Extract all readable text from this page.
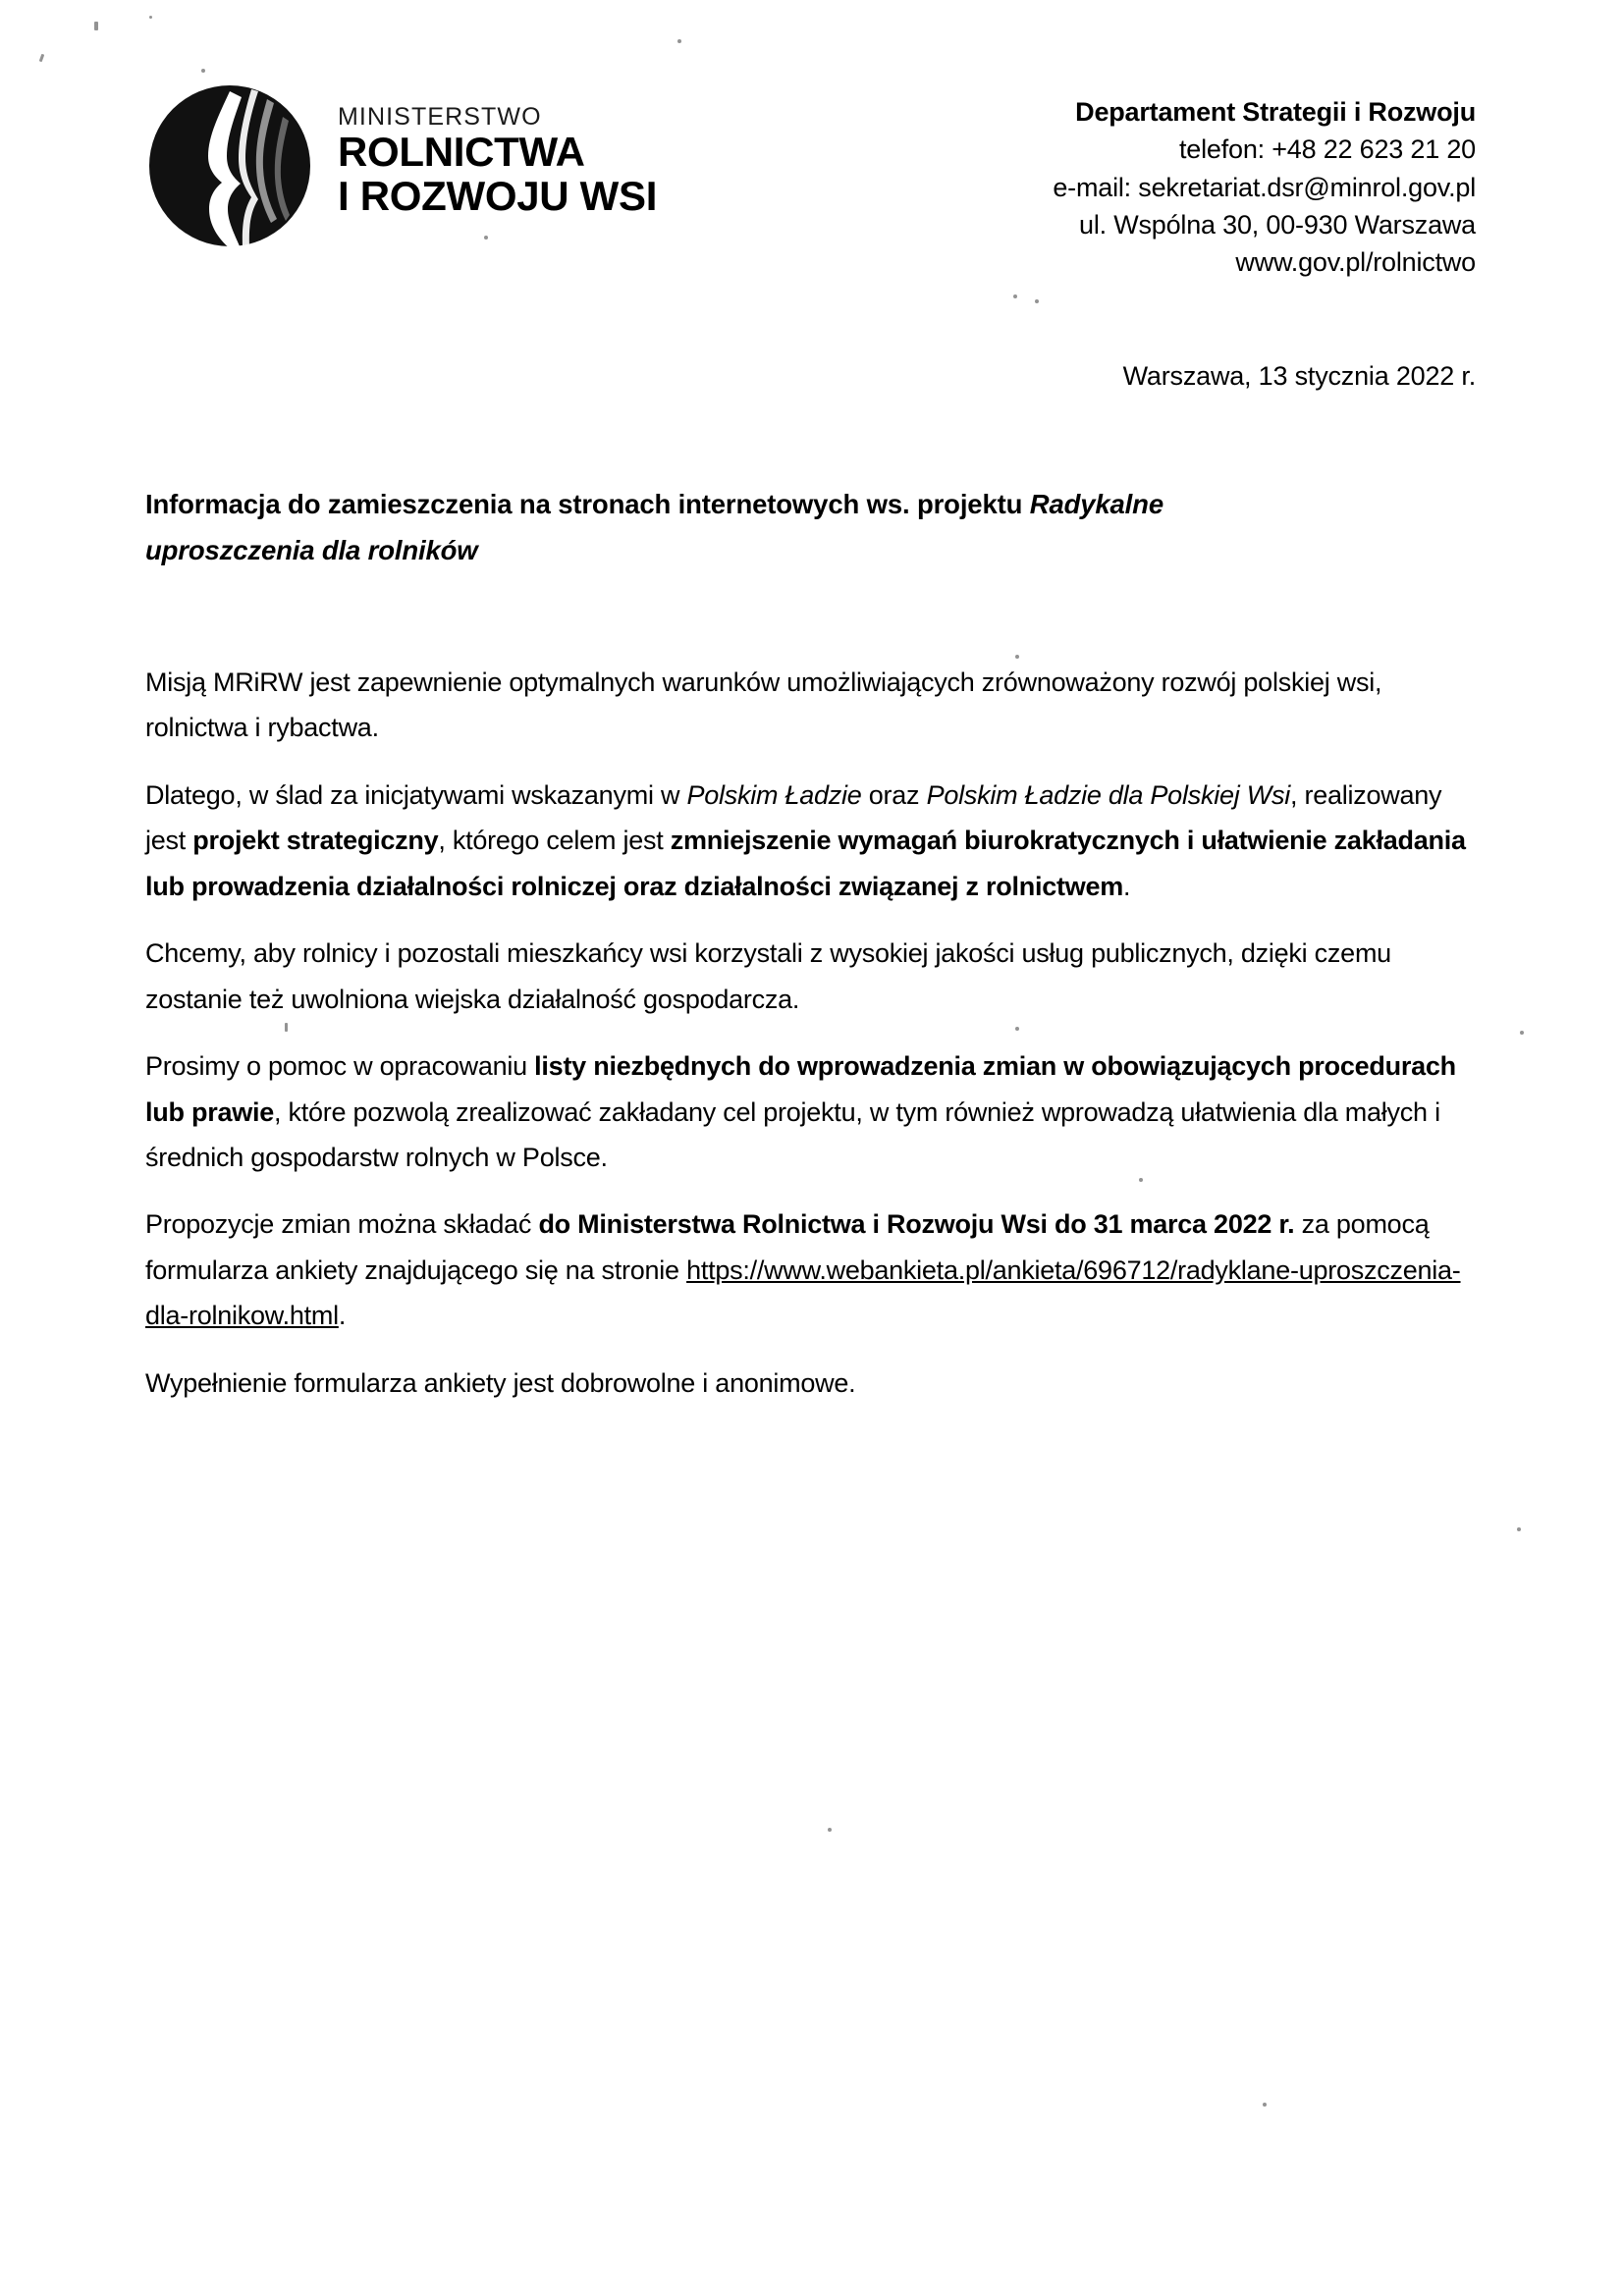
MINISTERSTWO
ROLNICTWA
I ROZWOJU WSI
Departament Strategii i Rozwoju
telefon: +48 22 623 21 20
e-mail: sekretariat.dsr@minrol.gov.pl
ul. Wspólna 30, 00-930 Warszawa
www.gov.pl/rolnictwo
Warszawa, 13 stycznia 2022 r.
Informacja do zamieszczenia na stronach internetowych ws. projektu Radykalne
uproszczenia dla rolników

Misją MRiRW jest zapewnienie optymalnych warunków umożliwiających zrównoważony rozwój polskiej wsi, rolnictwa i rybactwa.

Dlatego, w ślad za inicjatywami wskazanymi w Polskim Ładzie oraz Polskim Ładzie dla Polskiej Wsi, realizowany jest projekt strategiczny, którego celem jest zmniejszenie wymagań biurokratycznych i ułatwienie zakładania lub prowadzenia działalności rolniczej oraz działalności związanej z rolnictwem.

Chcemy, aby rolnicy i pozostali mieszkańcy wsi korzystali z wysokiej jakości usług publicznych, dzięki czemu zostanie też uwolniona wiejska działalność gospodarcza.

Prosimy o pomoc w opracowaniu listy niezbędnych do wprowadzenia zmian w obowiązujących procedurach lub prawie, które pozwolą zrealizować zakładany cel projektu, w tym również wprowadzą ułatwienia dla małych i średnich gospodarstw rolnych w Polsce.

Propozycje zmian można składać do Ministerstwa Rolnictwa i Rozwoju Wsi do 31 marca 2022 r. za pomocą formularza ankiety znajdującego się na stronie https://www.webankieta.pl/ankieta/696712/radyklane-uproszczenia-dla-rolnikow.html.

Wypełnienie formularza ankiety jest dobrowolne i anonimowe.
